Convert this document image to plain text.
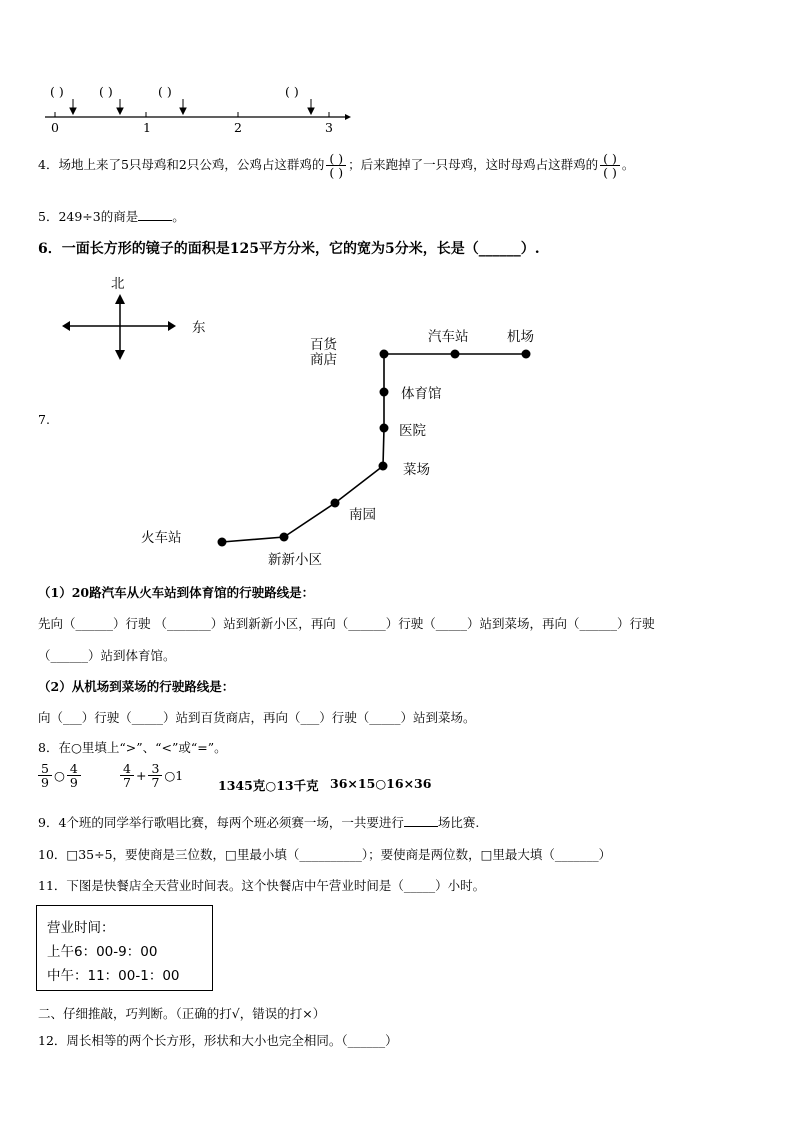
( )	( )	( )	( )
0	1	2	3
4．场地上来了5只母鸡和2只公鸡，公鸡占这群鸡的 $\frac{( )}{( )}$ ；后来跑掉了一只母鸡，这时母鸡占这群鸡的 $\frac{( )}{( )}$ 。
5．249÷3的商是	。
6．一面长方形的镜子的面积是125平方分米，它的宽为5分米，长是（______）.
7.
北
东
百货
商店
汽车站	机场
体育馆
医院
菜场
南园
火车站
新新小区
（1）20路汽车从火车站到体育馆的行驶路线是：
先向（______）行驶 （_______）站到新新小区，再向（______）行驶（_____）站到菜场，再向（______）行驶
（______）站到体育馆。
（2）从机场到菜场的行驶路线是：
向（___）行驶（_____）站到百货商店，再向（___）行驶（_____）站到菜场。
8．在○里填上“>”、“<”或“=”。
$\frac{5}{9}$ ○ $\frac{4}{9}$	$\frac{4}{7} + \frac{3}{7}$ ○1
1345克○13千克 36×15○16×36
9．4个班的同学举行歌唱比赛，每两个班必须赛一场，一共要进行	场比赛.
10．□35÷5，要使商是三位数，□里最小填（__________）；要使商是两位数，□里最大填（_______）
11．下图是快餐店全天营业时间表。这个快餐店中午营业时间是（_____）小时。
营业时间：
上午6：00-9：00
中午：11：00-1：00
二、仔细推敲，巧判断。（正确的打√，错误的打×）
12．周长相等的两个长方形，形状和大小也完全相同。（______）
